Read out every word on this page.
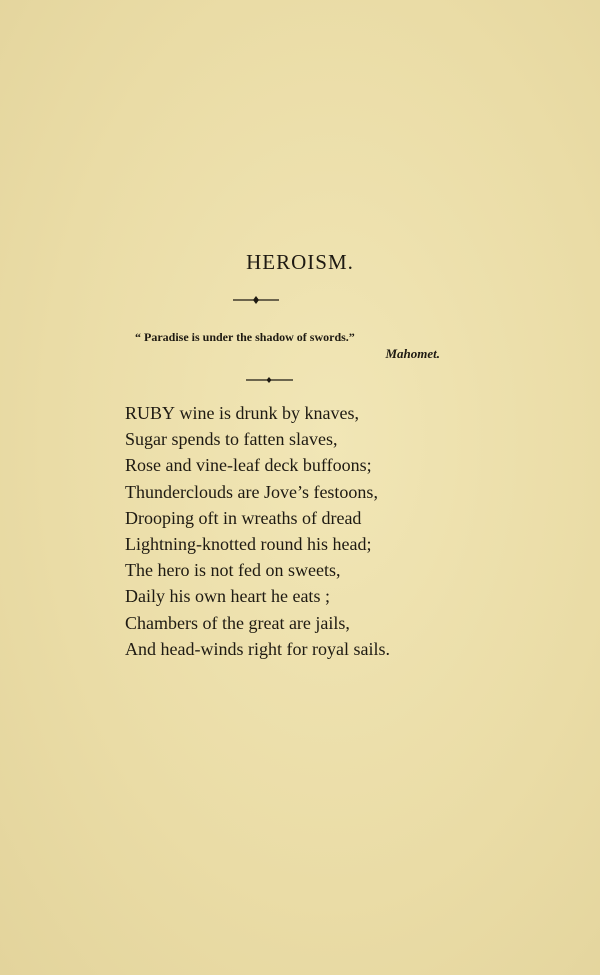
HEROISM.
“ Paradise is under the shadow of swords.”
Mahomet.
RUBY wine is drunk by knaves,
Sugar spends to fatten slaves,
Rose and vine-leaf deck buffoons;
Thunderclouds are Jove’s festoons,
Drooping oft in wreaths of dread
Lightning-knotted round his head;
The hero is not fed on sweets,
Daily his own heart he eats ;
Chambers of the great are jails,
And head-winds right for royal sails.
